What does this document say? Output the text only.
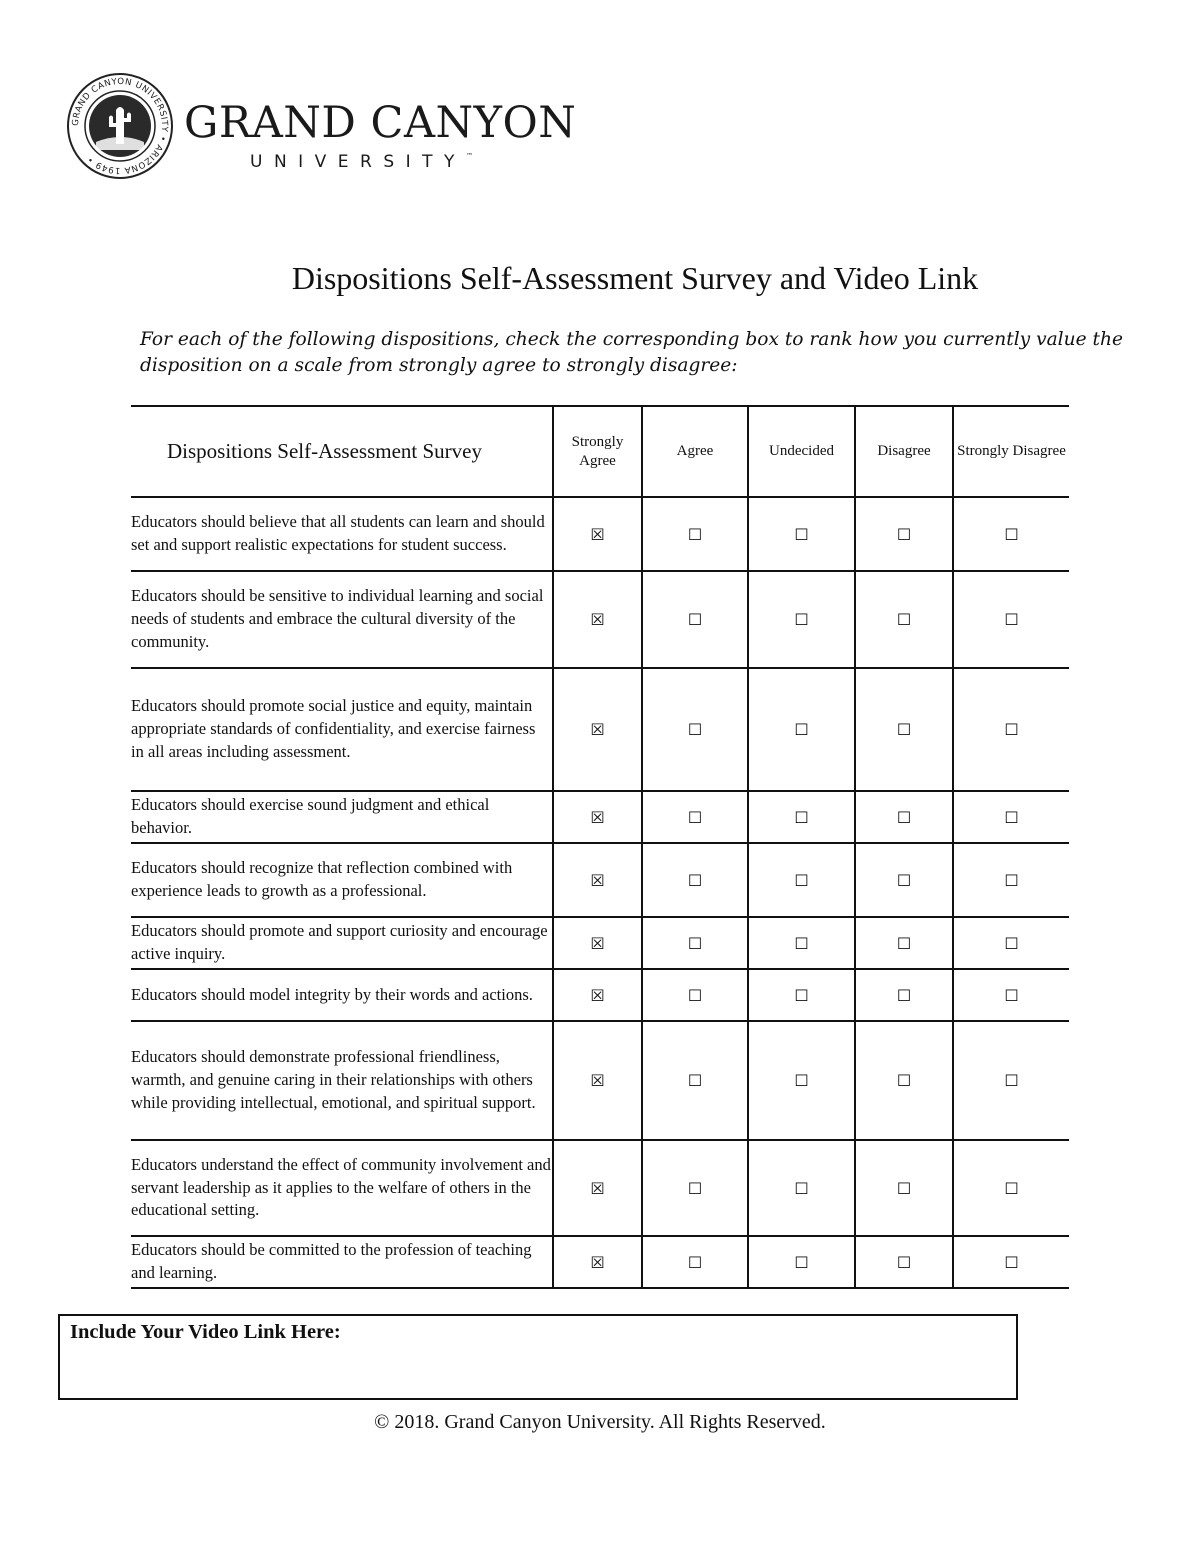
GRAND CANYON UNIVERSITY • ARIZONA 1949 •
GRAND CANYON
UNIVERSITY™
Dispositions Self-Assessment Survey and Video Link
For each of the following dispositions, check the corresponding box to rank how you currently value the disposition on a scale from strongly agree to strongly disagree:
Dispositions Self-Assessment Survey	Strongly Agree	Agree	Undecided	Disagree	Strongly Disagree
Educators should believe that all students can learn and should set and support realistic expectations for student success.	☒	☐	☐	☐	☐
Educators should be sensitive to individual learning and social needs of students and embrace the cultural diversity of the community.	☒	☐	☐	☐	☐
Educators should promote social justice and equity, maintain appropriate standards of confidentiality, and exercise fairness in all areas including assessment.	☒	☐	☐	☐	☐
Educators should exercise sound judgment and ethical behavior.	☒	☐	☐	☐	☐
Educators should recognize that reflection combined with experience leads to growth as a professional.	☒	☐	☐	☐	☐
Educators should promote and support curiosity and encourage active inquiry.	☒	☐	☐	☐	☐
Educators should model integrity by their words and actions.	☒	☐	☐	☐	☐
Educators should demonstrate professional friendliness, warmth, and genuine caring in their relationships with others while providing intellectual, emotional, and spiritual support.	☒	☐	☐	☐	☐
Educators understand the effect of community involvement and servant leadership as it applies to the welfare of others in the educational setting.	☒	☐	☐	☐	☐
Educators should be committed to the profession of teaching and learning.	☒	☐	☐	☐	☐
Include Your Video Link Here:
© 2018. Grand Canyon University. All Rights Reserved.
